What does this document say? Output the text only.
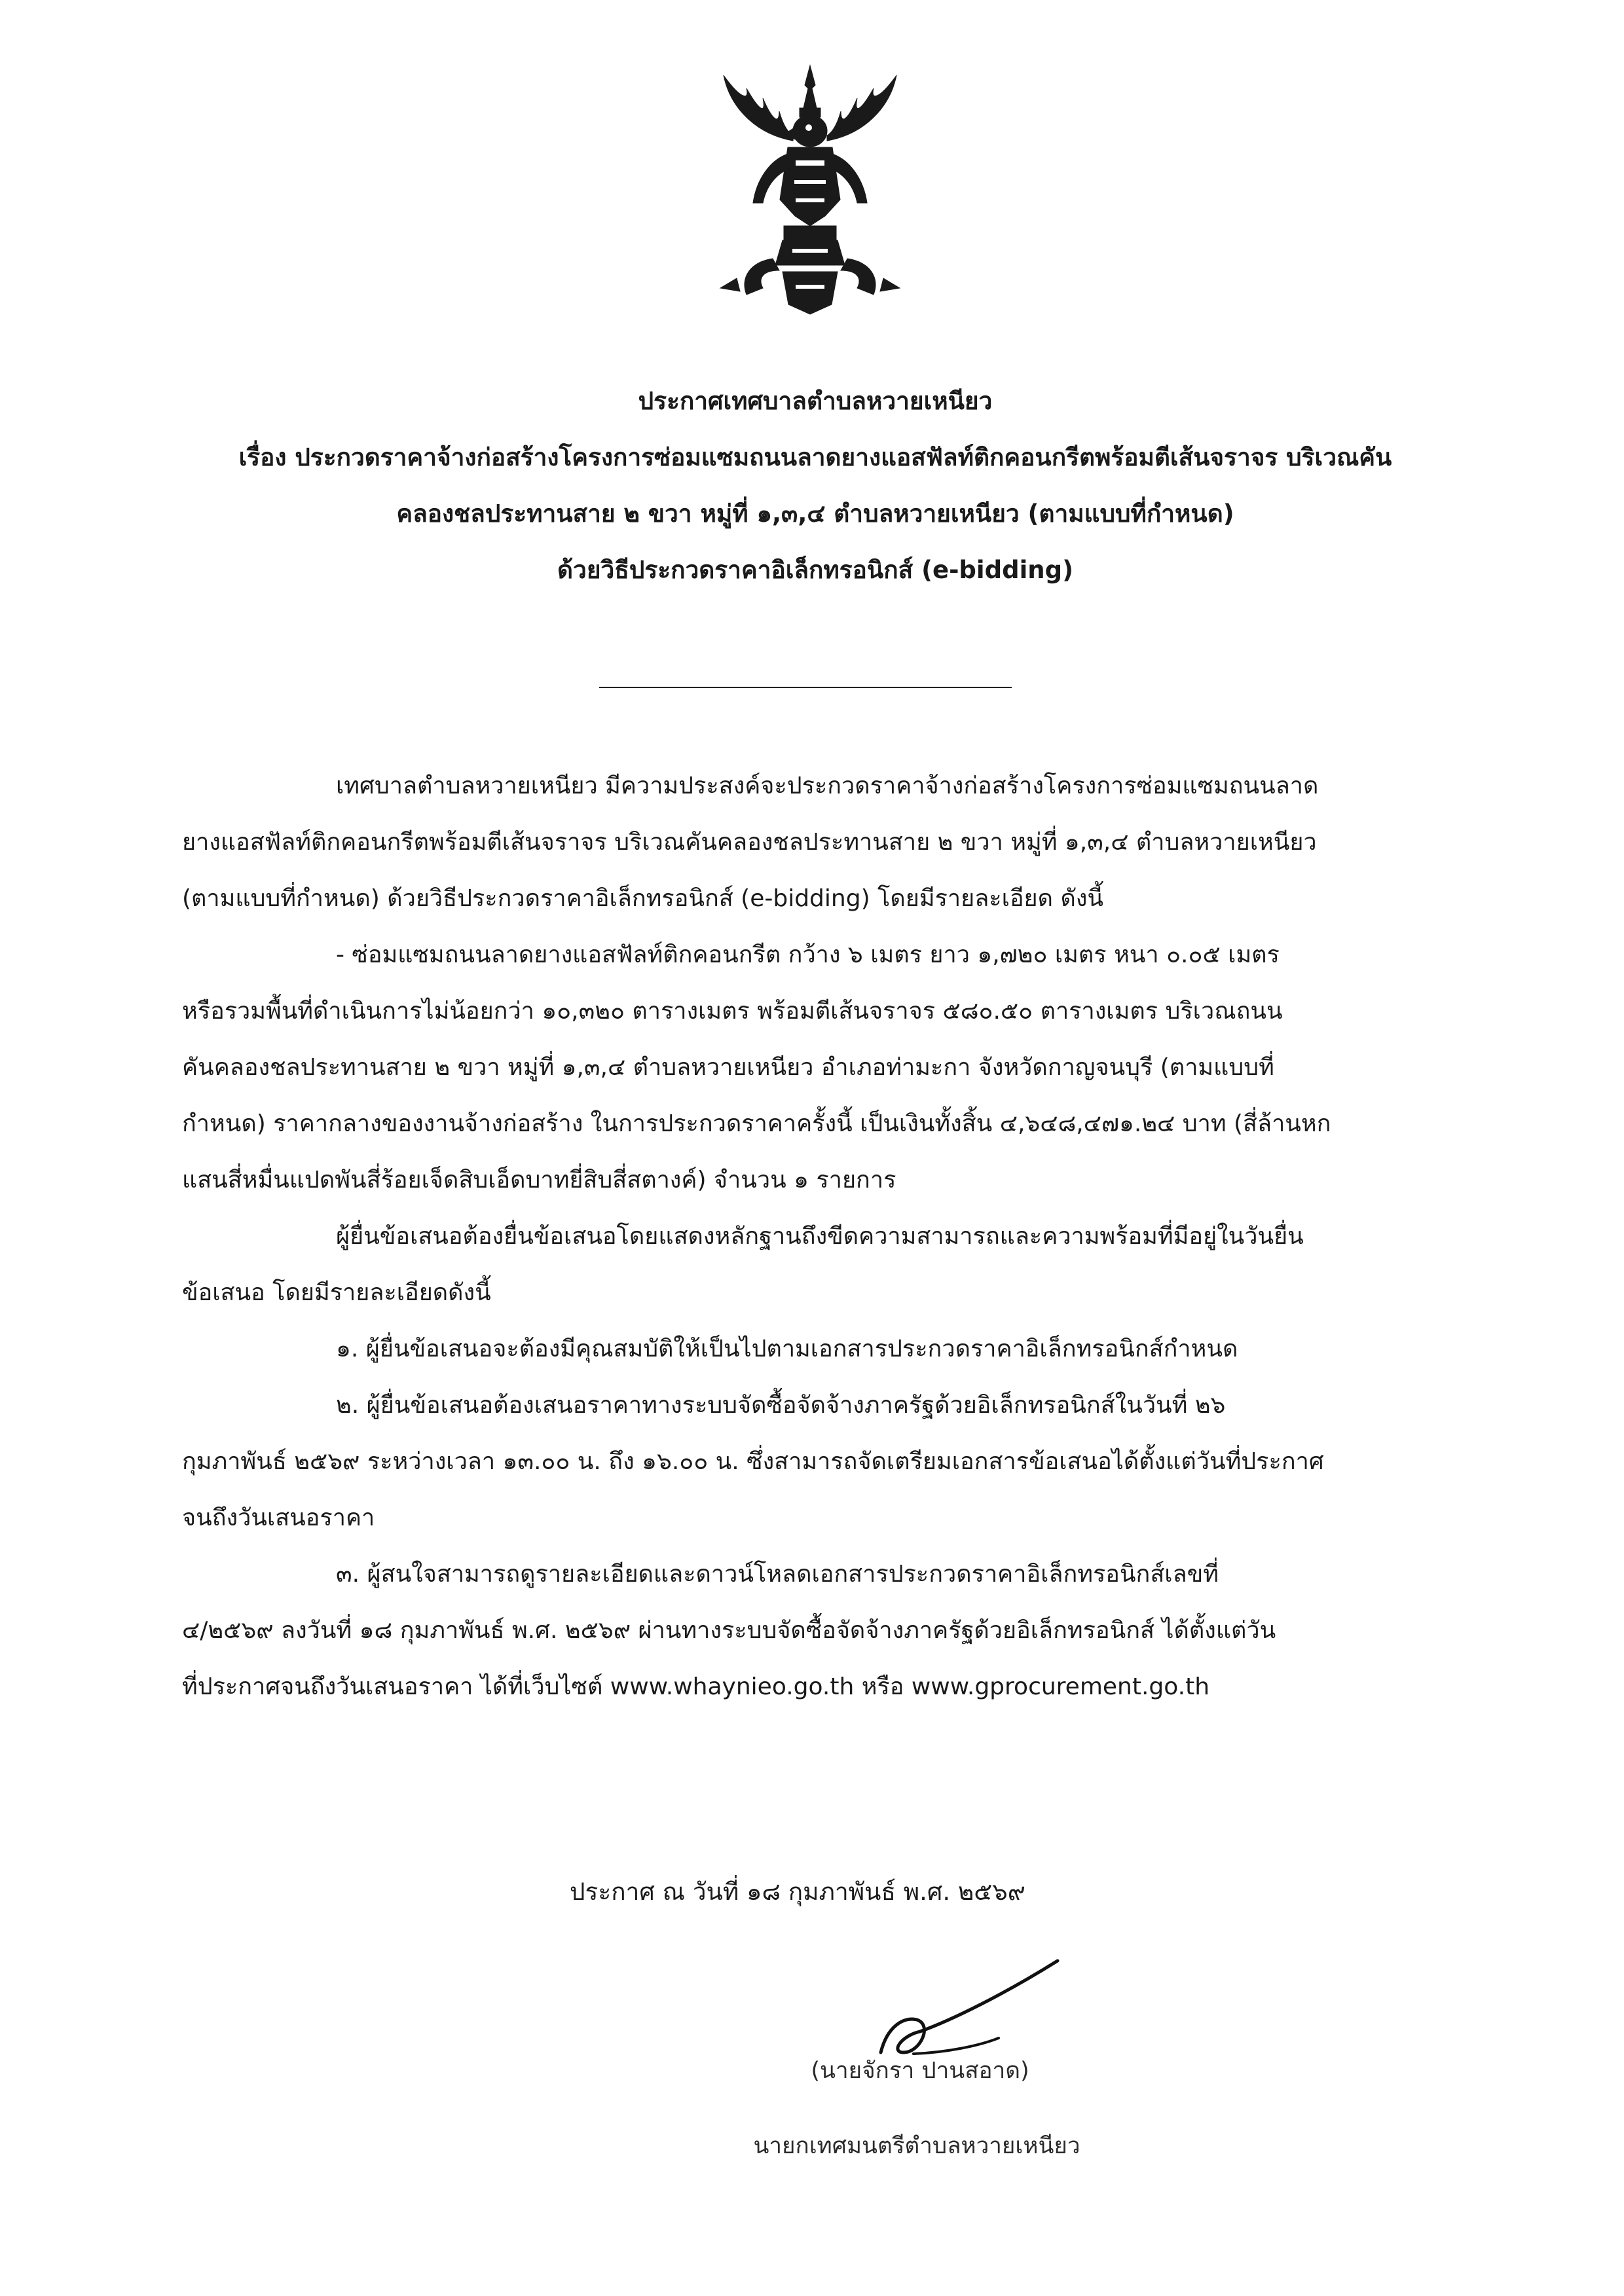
ประกาศเทศบาลตำบลหวายเหนียว

เรื่อง ประกวดราคาจ้างก่อสร้างโครงการซ่อมแซมถนนลาดยางแอสฟัลท์ติกคอนกรีตพร้อมตีเส้นจราจร บริเวณคัน

คลองชลประทานสาย ๒ ขวา หมู่ที่ ๑,๓,๔ ตำบลหวายเหนียว (ตามแบบที่กำหนด)

ด้วยวิธีประกวดราคาอิเล็กทรอนิกส์ (e-bidding)

เทศบาลตำบลหวายเหนียว มีความประสงค์จะประกวดราคาจ้างก่อสร้างโครงการซ่อมแซมถนนลาด

ยางแอสฟัลท์ติกคอนกรีตพร้อมตีเส้นจราจร บริเวณคันคลองชลประทานสาย ๒ ขวา หมู่ที่ ๑,๓,๔ ตำบลหวายเหนียว

(ตามแบบที่กำหนด) ด้วยวิธีประกวดราคาอิเล็กทรอนิกส์ (e-bidding) โดยมีรายละเอียด ดังนี้

- ซ่อมแซมถนนลาดยางแอสฟัลท์ติกคอนกรีต กว้าง ๖ เมตร ยาว ๑,๗๒๐ เมตร หนา ๐.๐๕ เมตร

หรือรวมพื้นที่ดำเนินการไม่น้อยกว่า ๑๐,๓๒๐ ตารางเมตร พร้อมตีเส้นจราจร ๕๘๐.๕๐ ตารางเมตร บริเวณถนน

คันคลองชลประทานสาย ๒ ขวา หมู่ที่ ๑,๓,๔ ตำบลหวายเหนียว อำเภอท่ามะกา จังหวัดกาญจนบุรี (ตามแบบที่

กำหนด) ราคากลางของงานจ้างก่อสร้าง ในการประกวดราคาครั้งนี้ เป็นเงินทั้งสิ้น ๔,๖๔๘,๔๗๑.๒๔ บาท (สี่ล้านหก

แสนสี่หมื่นแปดพันสี่ร้อยเจ็ดสิบเอ็ดบาทยี่สิบสี่สตางค์) จำนวน ๑ รายการ

ผู้ยื่นข้อเสนอต้องยื่นข้อเสนอโดยแสดงหลักฐานถึงขีดความสามารถและความพร้อมที่มีอยู่ในวันยื่น

ข้อเสนอ โดยมีรายละเอียดดังนี้

๑. ผู้ยื่นข้อเสนอจะต้องมีคุณสมบัติให้เป็นไปตามเอกสารประกวดราคาอิเล็กทรอนิกส์กำหนด

๒. ผู้ยื่นข้อเสนอต้องเสนอราคาทางระบบจัดซื้อจัดจ้างภาครัฐด้วยอิเล็กทรอนิกส์ในวันที่ ๒๖

กุมภาพันธ์ ๒๕๖๙ ระหว่างเวลา ๑๓.๐๐ น. ถึง ๑๖.๐๐ น. ซึ่งสามารถจัดเตรียมเอกสารข้อเสนอได้ตั้งแต่วันที่ประกาศ

จนถึงวันเสนอราคา

๓. ผู้สนใจสามารถดูรายละเอียดและดาวน์โหลดเอกสารประกวดราคาอิเล็กทรอนิกส์เลขที่

๔/๒๕๖๙ ลงวันที่ ๑๘ กุมภาพันธ์ พ.ศ. ๒๕๖๙ ผ่านทางระบบจัดซื้อจัดจ้างภาครัฐด้วยอิเล็กทรอนิกส์ ได้ตั้งแต่วัน

ที่ประกาศจนถึงวันเสนอราคา ได้ที่เว็บไซต์ www.whaynieo.go.th หรือ www.gprocurement.go.th

ประกาศ ณ วันที่ ๑๘ กุมภาพันธ์ พ.ศ. ๒๕๖๙
(นายจักรา ปานสอาด)
นายกเทศมนตรีตำบลหวายเหนียว
